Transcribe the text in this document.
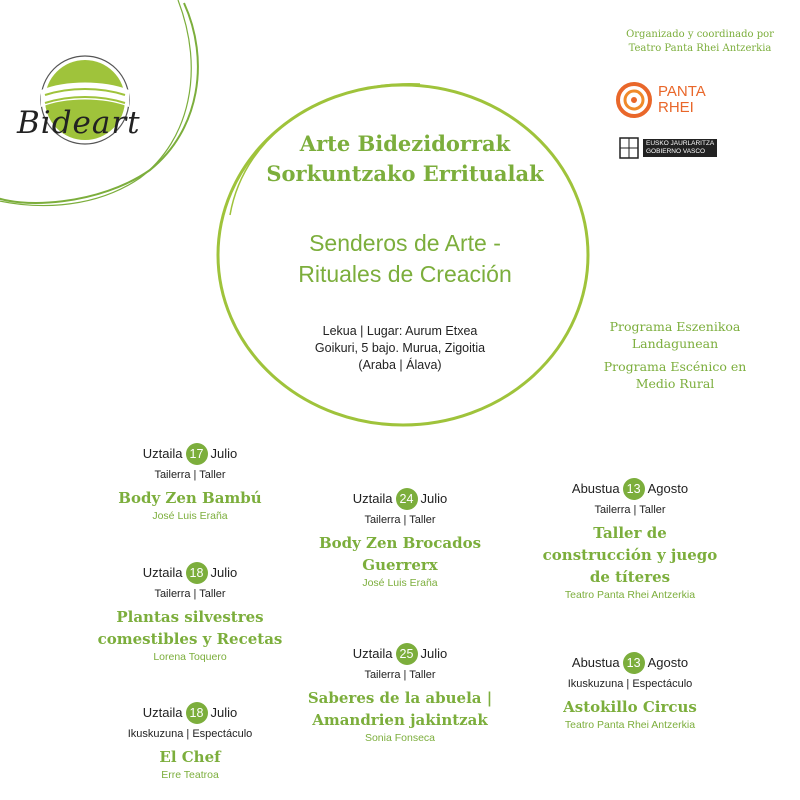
Bideart
Organizado y coordinado por
Teatro Panta Rhei Antzerkia
PANTA
RHEI
EUSKO JAURLARITZA
GOBIERNO VASCO
Arte Bidezidorrak
Sorkuntzako Erritualak
Senderos de Arte -
Rituales de Creación
Lekua | Lugar: Aurum Etxea
Goikuri, 5 bajo. Murua, Zigoitia
(Araba | Álava)
Programa Eszenikoa
Landagunean
Programa Escénico en
Medio Rural
Uztaila 17 Julio
Tailerra | Taller
Body Zen Bambú
José Luis Eraña
Uztaila 18 Julio
Tailerra | Taller
Plantas silvestres
comestibles y Recetas
Lorena Toquero
Uztaila 18 Julio
Ikuskuzuna | Espectáculo
El Chef
Erre Teatroa
Uztaila 24 Julio
Tailerra | Taller
Body Zen Brocados
Guerrerx
José Luis Eraña
Uztaila 25 Julio
Tailerra | Taller
Saberes de la abuela |
Amandrien jakintzak
Sonia Fonseca
Abustua 13 Agosto
Tailerra | Taller
Taller de
construcción y juego
de títeres
Teatro Panta Rhei Antzerkia
Abustua 13 Agosto
Ikuskuzuna | Espectáculo
Astokillo Circus
Teatro Panta Rhei Antzerkia
